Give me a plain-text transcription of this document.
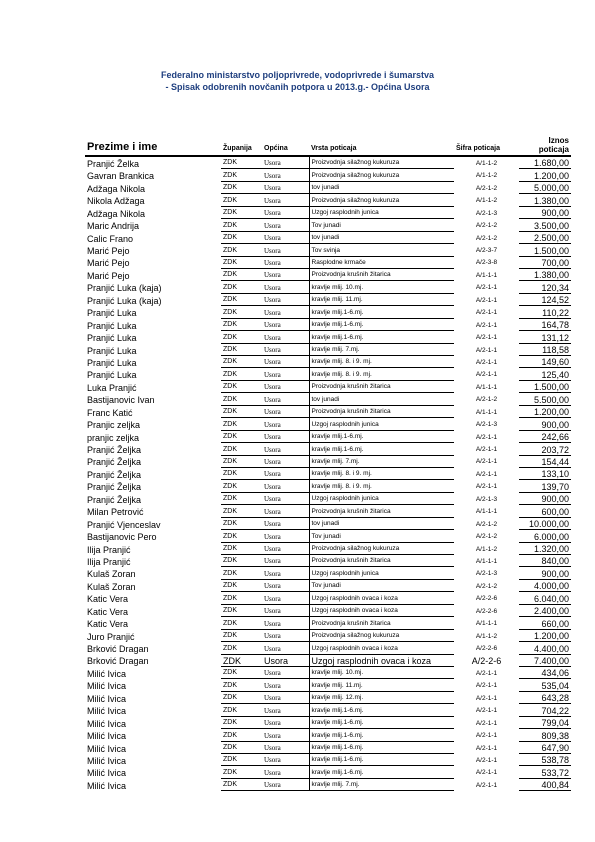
Federalno ministarstvo poljoprivrede, vodoprivrede i šumarstva
- Spisak odobrenih novčanih potpora u 2013.g.- Općina Usora
Prezime i ime	Županija	Općina	Vrsta poticaja	Šifra poticaja	Iznos poticaja
Pranjić Želka	ZDK	Usora	Proizvodnja silažnog kukuruza	A/1-1-2	1.680,00
Gavran Brankica	ZDK	Usora	Proizvodnja silažnog kukuruza	A/1-1-2	1.200,00
Adžaga Nikola	ZDK	Usora	tov junadi	A/2-1-2	5.000,00
Nikola Adžaga	ZDK	Usora	Proizvodnja silažnog kukuruza	A/1-1-2	1.380,00
Adžaga Nikola	ZDK	Usora	Uzgoj rasplodnih junica	A/2-1-3	900,00
Maric Andrija	ZDK	Usora	Tov junadi	A/2-1-2	3.500,00
Calic Frano	ZDK	Usora	tov junadi	A/2-1-2	2.500,00
Marić Pejo	ZDK	Usora	Tov svinja	A/2-3-7	1.500,00
Marić Pejo	ZDK	Usora	Rasplodne krmače	A/2-3-8	700,00
Marić Pejo	ZDK	Usora	Proizvodnja krušnih žitarica	A/1-1-1	1.380,00
Pranjić Luka (kaja)	ZDK	Usora	kravlje mlij. 10.mj.	A/2-1-1	120,34
Pranjić Luka (kaja)	ZDK	Usora	kravlje mlij. 11.mj.	A/2-1-1	124,52
Pranjić Luka	ZDK	Usora	kravlje mlij.1-6.mj.	A/2-1-1	110,22
Pranjić Luka	ZDK	Usora	kravlje mlij.1-6.mj.	A/2-1-1	164,78
Pranjić Luka	ZDK	Usora	kravlje mlij.1-6.mj.	A/2-1-1	131,12
Pranjić Luka	ZDK	Usora	kravlje mlij. 7.mj.	A/2-1-1	118,58
Pranjić Luka	ZDK	Usora	kravlje mlij. 8. i 9. mj.	A/2-1-1	149,60
Pranjić Luka	ZDK	Usora	kravlje mlij. 8. i 9. mj.	A/2-1-1	125,40
Luka Pranjić	ZDK	Usora	Proizvodnja krušnih žitarica	A/1-1-1	1.500,00
Bastijanovic Ivan	ZDK	Usora	tov junadi	A/2-1-2	5.500,00
Franc Katić	ZDK	Usora	Proizvodnja krušnih žitarica	A/1-1-1	1.200,00
Pranjic zeljka	ZDK	Usora	Uzgoj rasplodnih junica	A/2-1-3	900,00
pranjic zeljka	ZDK	Usora	kravlje mlij.1-6.mj.	A/2-1-1	242,66
Pranjić Željka	ZDK	Usora	kravlje mlij.1-6.mj.	A/2-1-1	203,72
Pranjić Željka	ZDK	Usora	kravlje mlij. 7.mj.	A/2-1-1	154,44
Pranjić Željka	ZDK	Usora	kravlje mlij. 8. i 9. mj.	A/2-1-1	133,10
Pranjić Željka	ZDK	Usora	kravlje mlij. 8. i 9. mj.	A/2-1-1	139,70
Pranjić Željka	ZDK	Usora	Uzgoj rasplodnih junica	A/2-1-3	900,00
Milan Petrović	ZDK	Usora	Proizvodnja krušnih žitarica	A/1-1-1	600,00
Pranjić Vjenceslav	ZDK	Usora	tov junadi	A/2-1-2	10.000,00
Bastijanovic Pero	ZDK	Usora	Tov junadi	A/2-1-2	6.000,00
Ilija Pranjić	ZDK	Usora	Proizvodnja silažnog kukuruza	A/1-1-2	1.320,00
Ilija Pranjić	ZDK	Usora	Proizvodnja krušnih žitarica	A/1-1-1	840,00
Kulaš Zoran	ZDK	Usora	Uzgoj rasplodnih junica	A/2-1-3	900,00
Kulaš Zoran	ZDK	Usora	Tov junadi	A/2-1-2	4.000,00
Katic Vera	ZDK	Usora	Uzgoj rasplodnih ovaca i koza	A/2-2-6	6.040,00
Katic Vera	ZDK	Usora	Uzgoj rasplodnih ovaca i koza	A/2-2-6	2.400,00
Katic Vera	ZDK	Usora	Proizvodnja krušnih žitarica	A/1-1-1	660,00
Juro Pranjić	ZDK	Usora	Proizvodnja silažnog kukuruza	A/1-1-2	1.200,00
Brković Dragan	ZDK	Usora	Uzgoj rasplodnih ovaca i koza	A/2-2-6	4.400,00
Brković Dragan	ZDK	Usora	Uzgoj rasplodnih ovaca i koza	A/2-2-6	7.400,00
Milić Ivica	ZDK	Usora	kravlje mlij. 10.mj.	A/2-1-1	434,06
Milić Ivica	ZDK	Usora	kravlje mlij. 11.mj.	A/2-1-1	535,04
Milić Ivica	ZDK	Usora	kravlje mlij. 12.mj.	A/2-1-1	643,28
Milić Ivica	ZDK	Usora	kravlje mlij.1-6.mj.	A/2-1-1	704,22
Milić Ivica	ZDK	Usora	kravlje mlij.1-6.mj.	A/2-1-1	799,04
Milić Ivica	ZDK	Usora	kravlje mlij.1-6.mj.	A/2-1-1	809,38
Milić Ivica	ZDK	Usora	kravlje mlij.1-6.mj.	A/2-1-1	647,90
Milić Ivica	ZDK	Usora	kravlje mlij.1-6.mj.	A/2-1-1	538,78
Milić Ivica	ZDK	Usora	kravlje mlij.1-6.mj.	A/2-1-1	533,72
Milić Ivica	ZDK	Usora	kravlje mlij. 7.mj.	A/2-1-1	400,84
